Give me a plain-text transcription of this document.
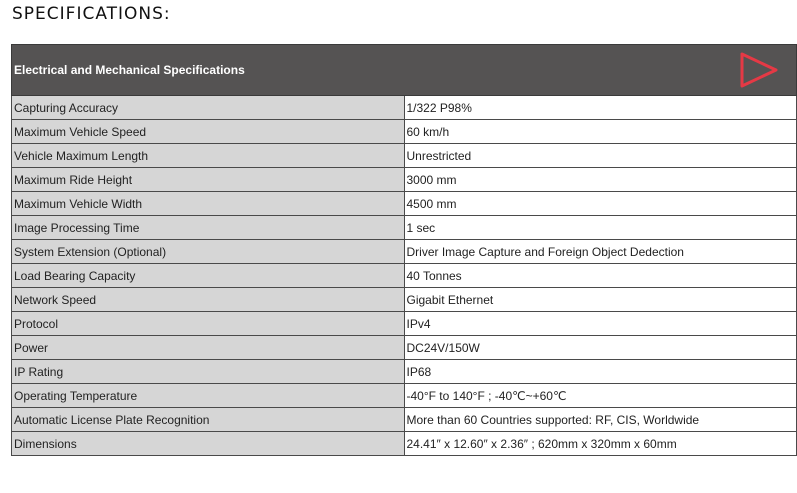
SPECIFICATIONS:
Electrical and Mechanical Specifications	

Capturing Accuracy	1/322 P98%
Maximum Vehicle Speed	60 km/h
Vehicle Maximum Length	Unrestricted
Maximum Ride Height	3000 mm
Maximum Vehicle Width	4500 mm
Image Processing Time	1 sec
System Extension (Optional)	Driver Image Capture and Foreign Object Dedection
Load Bearing Capacity	40 Tonnes
Network Speed	Gigabit Ethernet
Protocol	IPv4
Power	DC24V/150W
IP Rating	IP68
Operating Temperature	-40°F to 140°F ; -40℃~+60℃
Automatic License Plate Recognition	More than 60 Countries supported: RF, CIS, Worldwide
Dimensions	24.41″ x 12.60″ x 2.36″ ; 620mm x 320mm x 60mm
